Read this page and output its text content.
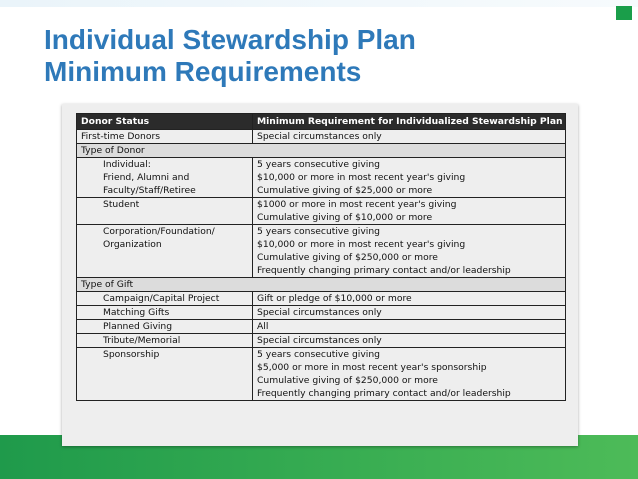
Individual Stewardship Plan
Minimum Requirements
Donor Status	Minimum Requirement for Individualized Stewardship Plan

First-time Donors	Special circumstances only

Type of Donor	

Individual:
Friend, Alumni and
Faculty/Staff/Retiree	5 years consecutive giving
$10,000 or more in most recent year's giving
Cumulative giving of $25,000 or more

Student	$1000 or more in most recent year's giving
Cumulative giving of $10,000 or more

Corporation/Foundation/
Organization	5 years consecutive giving
$10,000 or more in most recent year's giving
Cumulative giving of $250,000 or more
Frequently changing primary contact and/or leadership

Type of Gift	

Campaign/Capital Project	Gift or pledge of $10,000 or more

Matching Gifts	Special circumstances only

Planned Giving	All

Tribute/Memorial	Special circumstances only

Sponsorship	5 years consecutive giving
$5,000 or more in most recent year's sponsorship
Cumulative giving of $250,000 or more
Frequently changing primary contact and/or leadership
